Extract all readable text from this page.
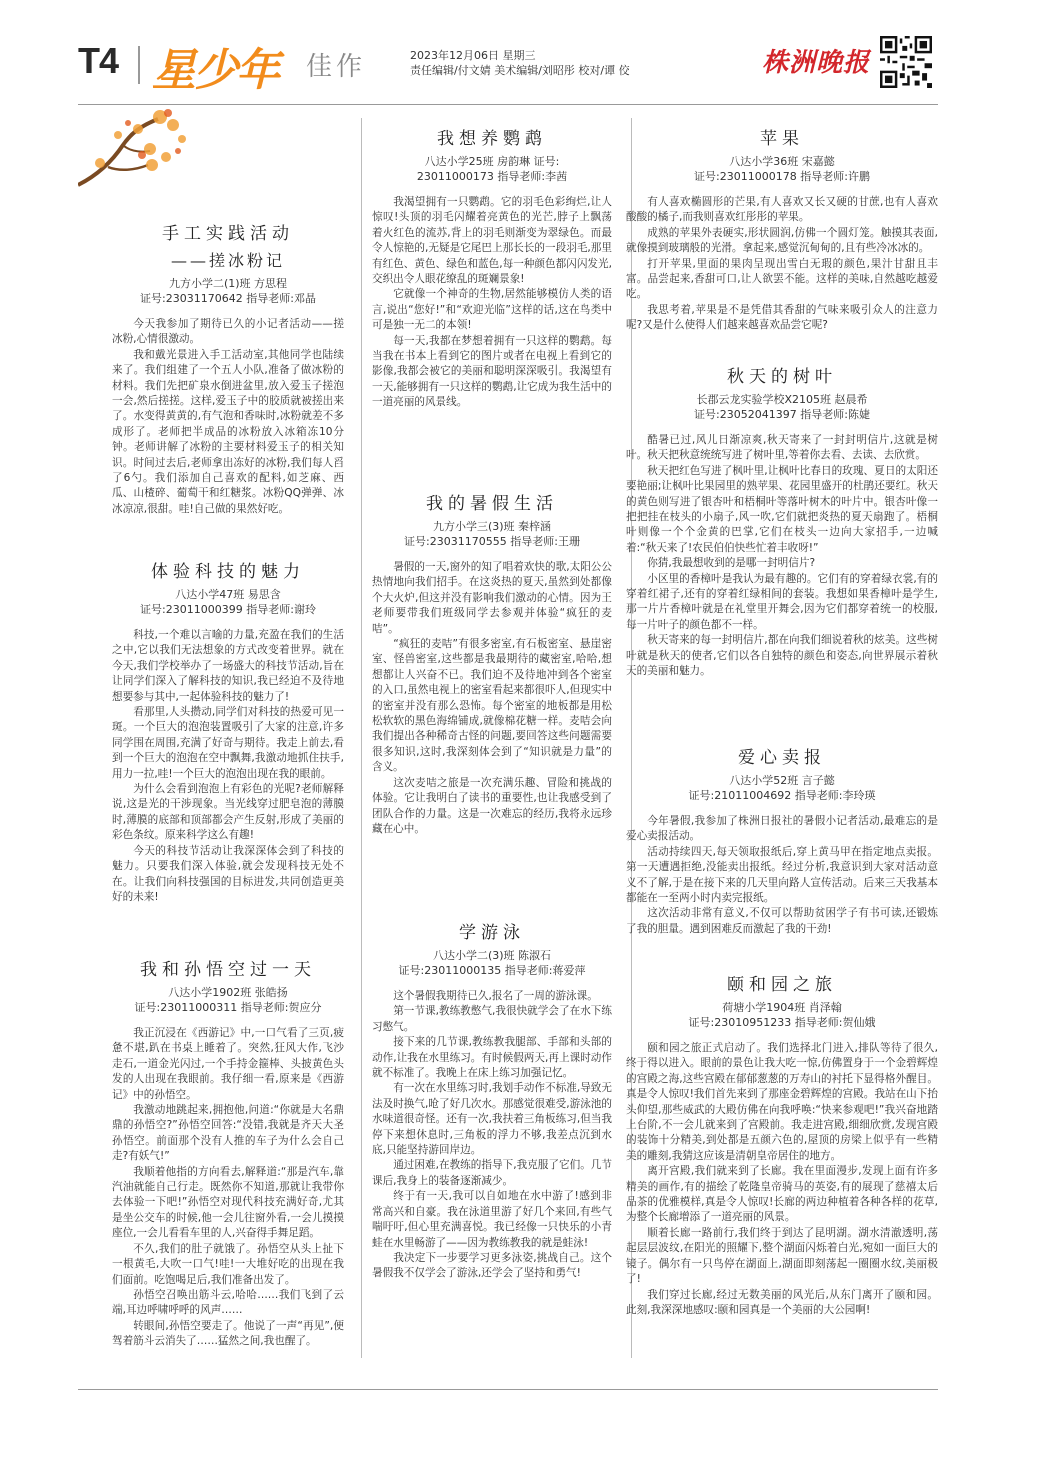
T4 星少年 佳作	2023年12月06日 星期三
责任编辑/付文婧 美术编辑/刘昭彤 校对/谭 佼	株洲晚报
手工实践活动
——搓冰粉记
九方小学二(1)班 方思程
证号:23031170642 指导老师:邓晶

今天我参加了期待已久的小记者活动——搓冰粉,心情很激动。

我和戴光景进入手工活动室,其他同学也陆续来了。我们组建了一个五人小队,准备了做冰粉的材料。我们先把矿泉水倒进盆里,放入爱玉子搓泡一会,然后搓搓。这样,爱玉子中的胶质就被搓出来了。水变得黄黄的,有气泡和香味时,冰粉就差不多成形了。老师把半成品的冰粉放入冰箱冻10分钟。老师讲解了冰粉的主要材料爱玉子的相关知识。时间过去后,老师拿出冻好的冰粉,我们每人舀了6勺。我们添加自己喜欢的配料,如芝麻、西瓜、山楂碎、葡萄干和红糖浆。冰粉QQ弹弹、冰冰凉凉,很甜。哇!自己做的果然好吃。

体验科技的魅力
八达小学47班 易思含
证号:23011000399 指导老师:谢玲

科技,一个难以言喻的力量,充盈在我们的生活之中,它以我们无法想象的方式改变着世界。就在今天,我们学校举办了一场盛大的科技节活动,旨在让同学们深入了解科技的知识,我已经迫不及待地想要参与其中,一起体验科技的魅力了!

看那里,人头攒动,同学们对科技的热爱可见一斑。一个巨大的泡泡装置吸引了大家的注意,许多同学围在周围,充满了好奇与期待。我走上前去,看到一个巨大的泡泡在空中飘舞,我激动地抓住扶手,用力一拉,哇!一个巨大的泡泡出现在我的眼前。

为什么会看到泡泡上有彩色的光呢?老师解释说,这是光的干涉现象。当光线穿过肥皂泡的薄膜时,薄膜的底部和顶部都会产生反射,形成了美丽的彩色条纹。原来科学这么有趣!

今天的科技节活动让我深深体会到了科技的魅力。只要我们深入体验,就会发现科技无处不在。让我们向科技强国的目标进发,共同创造更美好的未来!

我和孙悟空过一天
八达小学1902班 张皓扬
证号:23011000311 指导老师:贺应分

我正沉浸在《西游记》中,一口气看了三页,疲惫不堪,趴在书桌上睡着了。突然,狂风大作,飞沙走石,一道金光闪过,一个手持金箍棒、头披黄色头发的人出现在我眼前。我仔细一看,原来是《西游记》中的孙悟空。

我激动地跳起来,拥抱他,问道:“你就是大名鼎鼎的孙悟空?”孙悟空回答:“没错,我就是齐天大圣孙悟空。前面那个没有人推的车子为什么会自己走?有妖气!”

我顺着他指的方向看去,解释道:“那是汽车,靠汽油就能自己行走。既然你不知道,那就让我带你去体验一下吧!”孙悟空对现代科技充满好奇,尤其是坐公交车的时候,他一会儿往窗外看,一会儿摸摸座位,一会儿看看车里的人,兴奋得手舞足蹈。

不久,我们的肚子就饿了。孙悟空从头上扯下一根黄毛,大吹一口气!哇!一大堆好吃的出现在我们面前。吃饱喝足后,我们准备出发了。

孙悟空召唤出筋斗云,哈哈……我们飞到了云端,耳边呼啸呼呼的风声……

转眼间,孙悟空要走了。他说了一声“再见”,便驾着筋斗云消失了……猛然之间,我也醒了。

我想养鹦鹉
八达小学25班 房韵琳 证号:
23011000173 指导老师:李茜

我渴望拥有一只鹦鹉。它的羽毛色彩绚烂,让人惊叹!头顶的羽毛闪耀着亮黄色的光芒,脖子上飘荡着火红色的流苏,背上的羽毛则渐变为翠绿色。而最令人惊艳的,无疑是它尾巴上那长长的一段羽毛,那里有红色、黄色、绿色和蓝色,每一种颜色都闪闪发光,交织出令人眼花缭乱的斑斓景象!

它就像一个神奇的生物,居然能够模仿人类的语言,说出“您好!”和“欢迎光临”这样的话,这在鸟类中可是独一无二的本领!

每一天,我都在梦想着拥有一只这样的鹦鹉。每当我在书本上看到它的图片或者在电视上看到它的影像,我都会被它的美丽和聪明深深吸引。我渴望有一天,能够拥有一只这样的鹦鹉,让它成为我生活中的一道亮丽的风景线。

我的暑假生活
九方小学三(3)班 秦梓涵
证号:23031170555 指导老师:王珊

暑假的一天,窗外的知了唱着欢快的歌,太阳公公热情地向我们招手。在这炎热的夏天,虽然到处都像个大火炉,但这并没有影响我们激动的心情。因为王老师要带我们班级同学去参观并体验“疯狂的麦咭”。

“疯狂的麦咭”有很多密室,有石板密室、悬崖密室、怪兽密室,这些都是我最期待的藏密室,哈哈,想想都让人兴奋不已。我们迫不及待地冲到各个密室的入口,虽然电视上的密室看起来都很吓人,但现实中的密室并没有那么恐怖。每个密室的地板都是用松松软软的黑色海绵铺成,就像棉花糖一样。麦咭会向我们提出各种稀奇古怪的问题,要回答这些问题需要很多知识,这时,我深刻体会到了“知识就是力量”的含义。

这次麦咭之旅是一次充满乐趣、冒险和挑战的体验。它让我明白了读书的重要性,也让我感受到了团队合作的力量。这是一次难忘的经历,我将永远珍藏在心中。

学游泳
八达小学二(3)班 陈淑石
证号:23011000135 指导老师:蒋爱萍

这个暑假我期待已久,报名了一周的游泳课。

第一节课,教练教憋气,我很快就学会了在水下练习憋气。

接下来的几节课,教练教我腿部、手部和头部的动作,让我在水里练习。有时候假两天,再上课时动作就不标准了。我晚上在床上练习加强记忆。

有一次在水里练习时,我划手动作不标准,导致无法及时换气,呛了好几次水。那感觉很难受,游泳池的水味道很奇怪。还有一次,我扶着三角板练习,但当我停下来想休息时,三角板的浮力不够,我差点沉到水底,只能坚持游回岸边。

通过困难,在教练的指导下,我克服了它们。几节课后,我身上的装备逐渐减少。

终于有一天,我可以自如地在水中游了!感到非常高兴和自豪。我在泳道里游了好几个来回,有些气喘吁吁,但心里充满喜悦。我已经像一只快乐的小青蛙在水里畅游了——因为教练教我的就是蛙泳!

我决定下一步要学习更多泳姿,挑战自己。这个暑假我不仅学会了游泳,还学会了坚持和勇气!

苹果
八达小学36班 宋嘉懿
证号:23011000178 指导老师:许鹏

有人喜欢椭圆形的芒果,有人喜欢又长又硬的甘蔗,也有人喜欢酸酸的橘子,而我则喜欢红彤彤的苹果。

成熟的苹果外表硬实,形状圆润,仿佛一个圆灯笼。触摸其表面,就像摸到玻璃般的光滑。拿起来,感觉沉甸甸的,且有些冷冰冰的。

打开苹果,里面的果肉呈现出雪白无瑕的颜色,果汁甘甜且丰富。品尝起来,香甜可口,让人欲罢不能。这样的美味,自然越吃越爱吃。

我思考着,苹果是不是凭借其香甜的气味来吸引众人的注意力呢?又是什么使得人们越来越喜欢品尝它呢?

秋天的树叶
长郡云龙实验学校X2105班 赵晨希
证号:23052041397 指导老师:陈婕

酷暑已过,风儿日渐凉爽,秋天寄来了一封封明信片,这就是树叶。秋天把秋意统统写进了树叶里,等着你去看、去读、去欣赏。

秋天把红色写进了枫叶里,让枫叶比春日的玫瑰、夏日的太阳还要艳丽;让枫叶比果园里的熟苹果、花园里盛开的杜鹃还要红。秋天的黄色则写进了银杏叶和梧桐叶等落叶树木的叶片中。银杏叶像一把把挂在枝头的小扇子,风一吹,它们就把炎热的夏天扇跑了。梧桐叶则像一个个金黄的巴掌,它们在枝头一边向大家招手,一边喊着:“秋天来了!农民伯伯快些忙着丰收呀!”

你猜,我最想收到的是哪一封明信片?

小区里的香樟叶是我认为最有趣的。它们有的穿着绿衣裳,有的穿着红裙子,还有的穿着红绿相间的套装。我想如果香樟叶是学生,那一片片香樟叶就是在礼堂里开舞会,因为它们都穿着统一的校服,每一片叶子的颜色都不一样。

秋天寄来的每一封明信片,都在向我们细说着秋的炫美。这些树叶就是秋天的使者,它们以各自独特的颜色和姿态,向世界展示着秋天的美丽和魅力。

爱心卖报
八达小学52班 言子懿
证号:21011004692 指导老师:李玲瑛

今年暑假,我参加了株洲日报社的暑假小记者活动,最难忘的是爱心卖报活动。

活动持续四天,每天领取报纸后,穿上黄马甲在指定地点卖报。第一天遭遇拒绝,没能卖出报纸。经过分析,我意识到大家对活动意义不了解,于是在接下来的几天里向路人宣传活动。后来三天我基本都能在一至两小时内卖完报纸。

这次活动非常有意义,不仅可以帮助贫困学子有书可读,还锻炼了我的胆量。遇到困难反而激起了我的干劲!

颐和园之旅
荷塘小学1904班 肖泽翰
证号:23010951233 指导老师:贺仙娥

颐和园之旅正式启动了。我们选择北门进入,排队等待了很久,终于得以进入。眼前的景色让我大吃一惊,仿佛置身于一个金碧辉煌的宫殿之海,这些宫殿在郁郁葱葱的万寿山的衬托下显得格外醒目。真是令人惊叹!我们首先来到了那座金碧辉煌的宫殿。我站在山下抬头仰望,那些威武的大殿仿佛在向我呼唤:“快来参观吧!”我兴奋地踏上台阶,不一会儿就来到了宫殿前。我走进宫殿,细细欣赏,发现宫殿的装饰十分精美,到处都是五颜六色的,屋顶的房梁上似乎有一些精美的雕刻,我猜这应该是清朝皇帝居住的地方。

离开宫殿,我们就来到了长廊。我在里面漫步,发现上面有许多精美的画作,有的描绘了乾隆皇帝骑马的英姿,有的展现了慈禧太后品茶的优雅模样,真是令人惊叹!长廊的两边种植着各种各样的花草,为整个长廊增添了一道亮丽的风景。

顺着长廊一路前行,我们终于到达了昆明湖。湖水清澈透明,荡起层层波纹,在阳光的照耀下,整个湖面闪烁着白光,宛如一面巨大的镜子。偶尔有一只鸟停在湖面上,湖面即刻荡起一圈圈水纹,美丽极了!

我们穿过长廊,经过无数美丽的风光后,从东门离开了颐和园。此刻,我深深地感叹:颐和园真是一个美丽的大公园啊!
